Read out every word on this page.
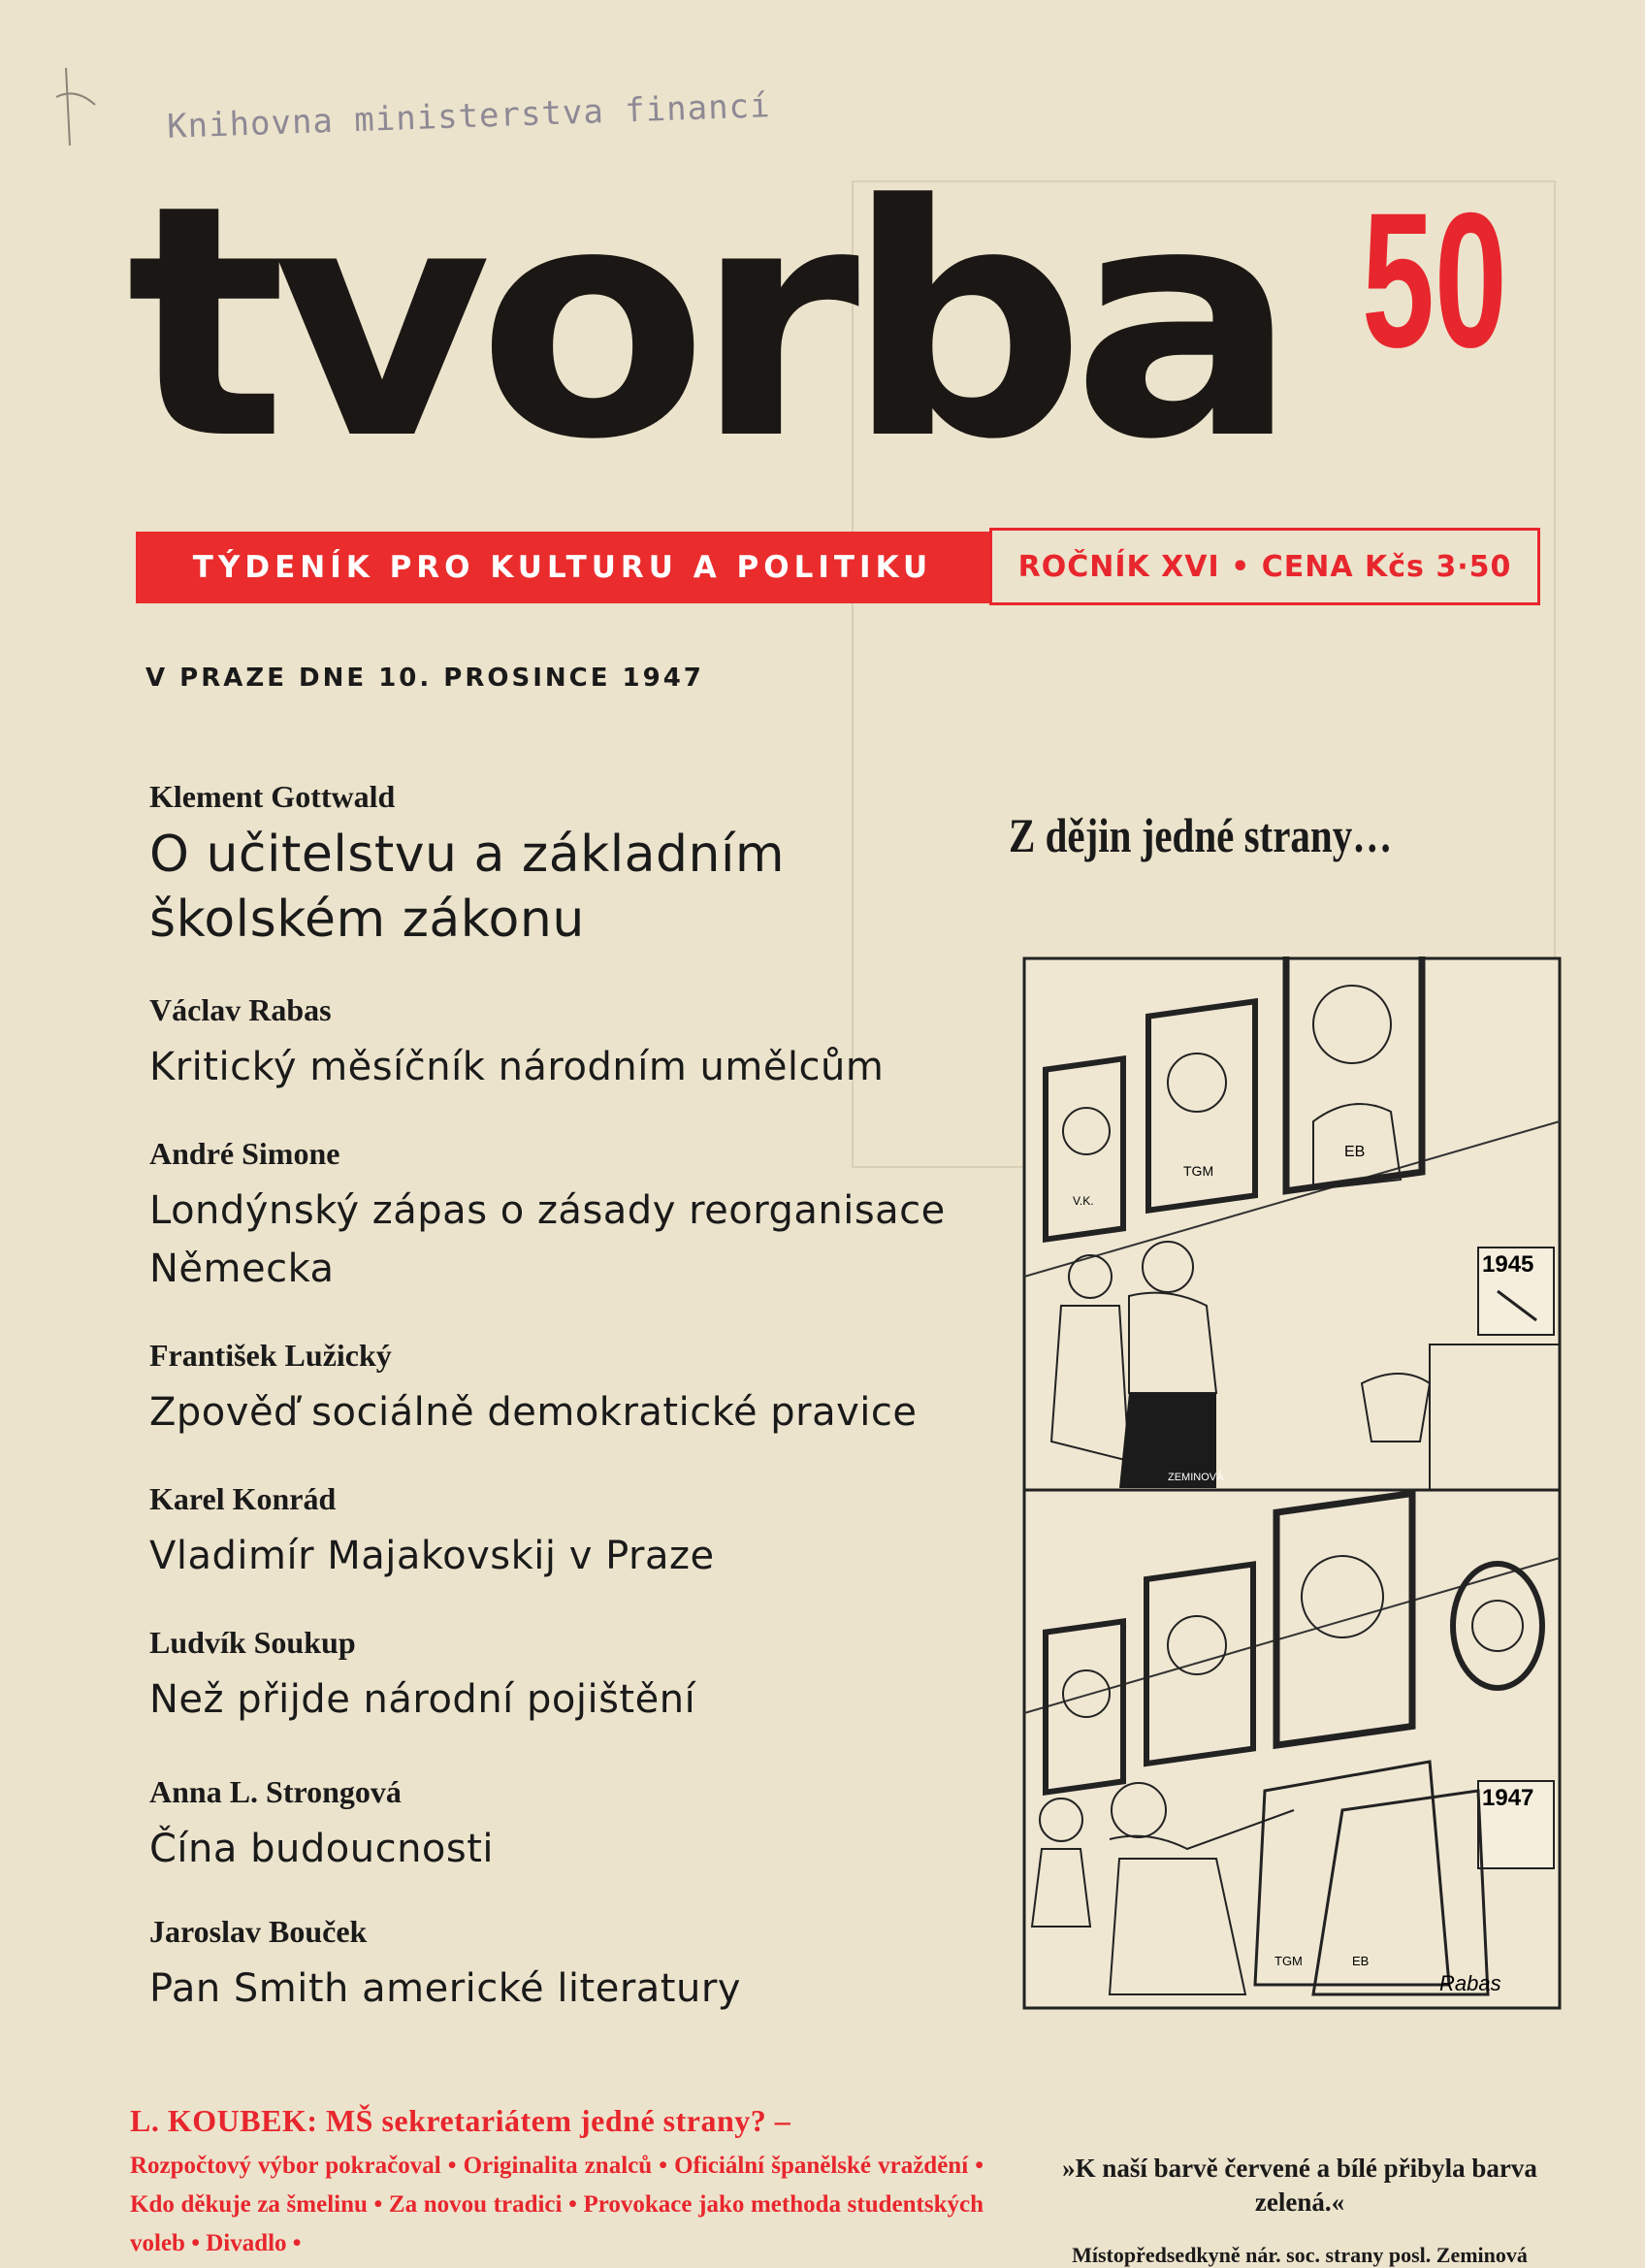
Knihovna ministerstva financí
tvorba 50
TÝDENÍK PRO KULTURU A POLITIKU	ROČNÍK XVI • CENA Kčs 3·50
V PRAZE DNE 10. PROSINCE 1947

Klement Gottwald

O učitelstvu a základním školském zákonu

Václav Rabas

Kritický měsíčník národním umělcům

André Simone

Londýnský zápas o zásady reorganisace Německa

František Lužický

Zpověď sociálně demokratické pravice

Karel Konrád

Vladimír Majakovskij v Praze

Ludvík Soukup

Než přijde národní pojištění

Anna L. Strongová

Čína budoucnosti

Jaroslav Bouček

Pan Smith americké literatury

Z dějin jedné strany…
V.K.
TGM
EB
1945
ZEMINOVÁ
1947
TGM	EB
Rabas
L. KOUBEK: MŠ sekretariátem jedné strany? –
Rozpočtový výbor pokračoval • Originalita znalců • Oficiální španělské vraždění • Kdo děkuje za šmelinu • Za novou tradici • Provokace jako methoda studentských voleb • Divadlo •
»K naší barvě červené a bílé přibyla barva zelená.«
Místopředsedkyně nár. soc. strany posl. Zeminová
